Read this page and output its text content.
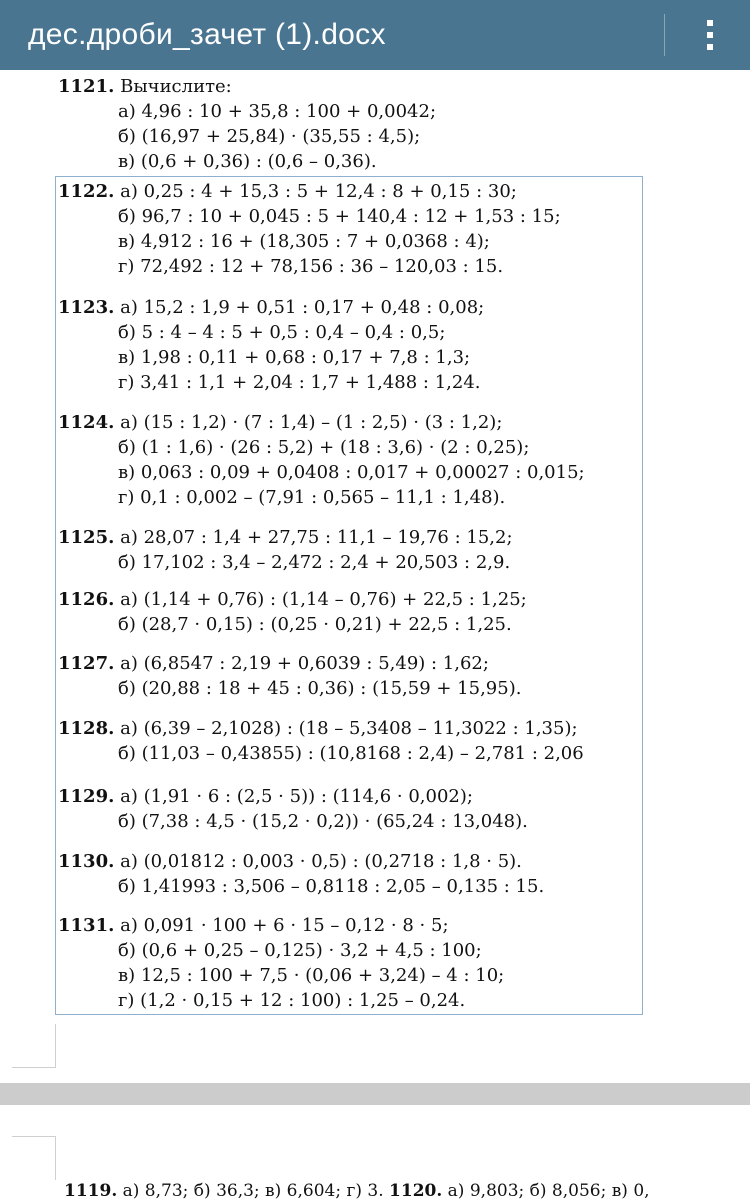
дес.дроби_зачет (1).docx
1121. Вычислите:
а) 4,96 : 10 + 35,8 : 100 + 0,0042;
б) (16,97 + 25,84) · (35,55 : 4,5);
в) (0,6 + 0,36) : (0,6 – 0,36).
1122. а) 0,25 : 4 + 15,3 : 5 + 12,4 : 8 + 0,15 : 30;
б) 96,7 : 10 + 0,045 : 5 + 140,4 : 12 + 1,53 : 15;
в) 4,912 : 16 + (18,305 : 7 + 0,0368 : 4);
г) 72,492 : 12 + 78,156 : 36 – 120,03 : 15.
1123. а) 15,2 : 1,9 + 0,51 : 0,17 + 0,48 : 0,08;
б) 5 : 4 – 4 : 5 + 0,5 : 0,4 – 0,4 : 0,5;
в) 1,98 : 0,11 + 0,68 : 0,17 + 7,8 : 1,3;
г) 3,41 : 1,1 + 2,04 : 1,7 + 1,488 : 1,24.
1124. а) (15 : 1,2) · (7 : 1,4) – (1 : 2,5) · (3 : 1,2);
б) (1 : 1,6) · (26 : 5,2) + (18 : 3,6) · (2 : 0,25);
в) 0,063 : 0,09 + 0,0408 : 0,017 + 0,00027 : 0,015;
г) 0,1 : 0,002 – (7,91 : 0,565 – 11,1 : 1,48).
1125. а) 28,07 : 1,4 + 27,75 : 11,1 – 19,76 : 15,2;
б) 17,102 : 3,4 – 2,472 : 2,4 + 20,503 : 2,9.
1126. а) (1,14 + 0,76) : (1,14 – 0,76) + 22,5 : 1,25;
б) (28,7 · 0,15) : (0,25 · 0,21) + 22,5 : 1,25.
1127. а) (6,8547 : 2,19 + 0,6039 : 5,49) : 1,62;
б) (20,88 : 18 + 45 : 0,36) : (15,59 + 15,95).
1128. а) (6,39 – 2,1028) : (18 – 5,3408 – 11,3022 : 1,35);
б) (11,03 – 0,43855) : (10,8168 : 2,4) – 2,781 : 2,06
1129. а) (1,91 · 6 : (2,5 · 5)) : (114,6 · 0,002);
б) (7,38 : 4,5 · (15,2 · 0,2)) · (65,24 : 13,048).
1130. а) (0,01812 : 0,003 · 0,5) : (0,2718 : 1,8 · 5).
б) 1,41993 : 3,506 – 0,8118 : 2,05 – 0,135 : 15.
1131. а) 0,091 · 100 + 6 · 15 – 0,12 · 8 · 5;
б) (0,6 + 0,25 – 0,125) · 3,2 + 4,5 : 100;
в) 12,5 : 100 + 7,5 · (0,06 + 3,24) – 4 : 10;
г) (1,2 · 0,15 + 12 : 100) : 1,25 – 0,24.
1119. а) 8,73; б) 36,3; в) 6,604; г) 3. 1120. а) 9,803; б) 8,056; в) 0,
